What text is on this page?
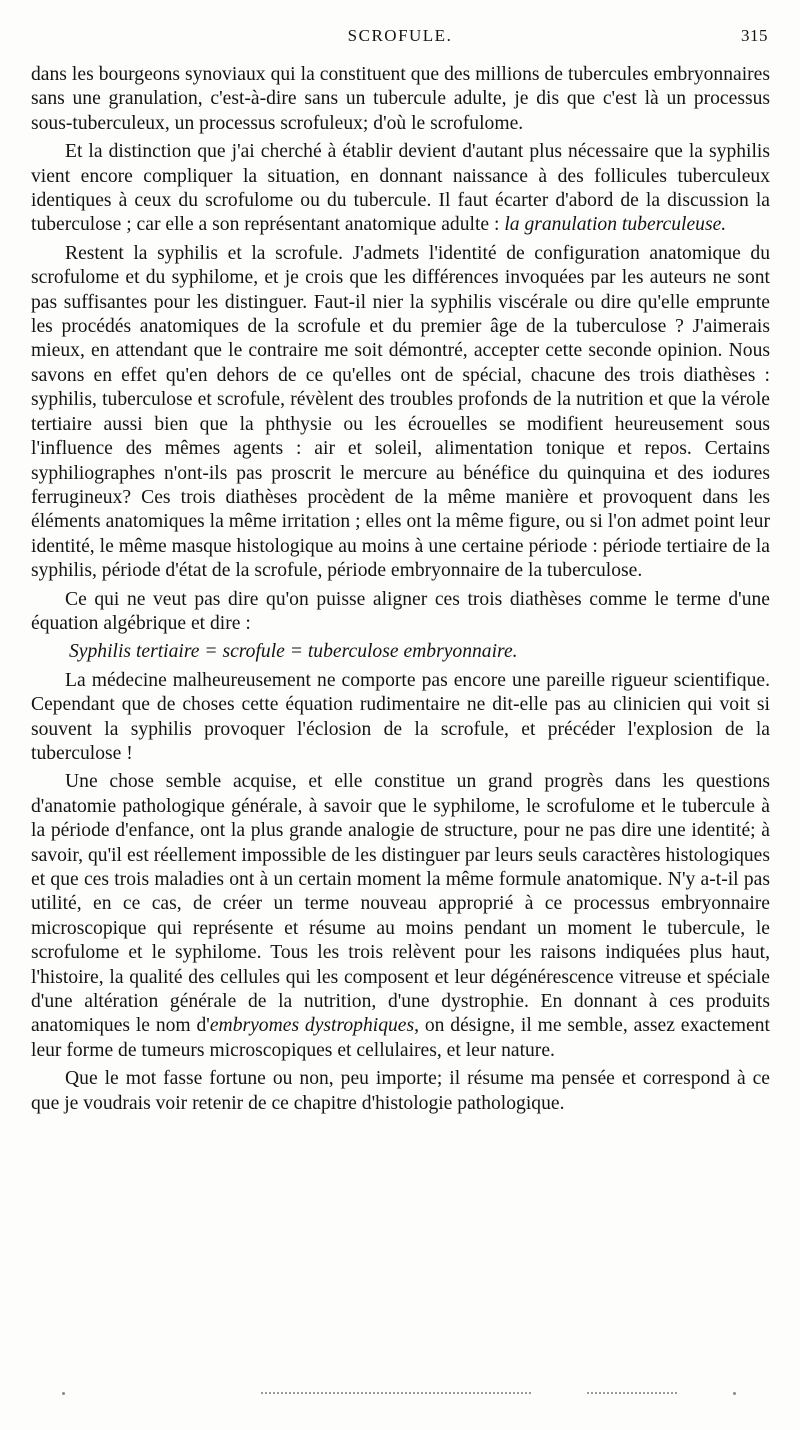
SCROFULE.	315

dans les bourgeons synoviaux qui la constituent que des millions de tubercules embryonnaires sans une granulation, c'est-à-dire sans un tubercule adulte, je dis que c'est là un processus sous-tuberculeux, un processus scrofuleux; d'où le scrofulome.

Et la distinction que j'ai cherché à établir devient d'autant plus nécessaire que la syphilis vient encore compliquer la situation, en donnant naissance à des follicules tuberculeux identiques à ceux du scrofulome ou du tubercule. Il faut écarter d'abord de la discussion la tuberculose ; car elle a son représentant anatomique adulte : la granulation tuberculeuse.

Restent la syphilis et la scrofule. J'admets l'identité de configuration anatomique du scrofulome et du syphilome, et je crois que les différences invoquées par les auteurs ne sont pas suffisantes pour les distinguer. Faut-il nier la syphilis viscérale ou dire qu'elle emprunte les procédés anatomiques de la scrofule et du premier âge de la tuberculose ? J'aimerais mieux, en attendant que le contraire me soit démontré, accepter cette seconde opinion. Nous savons en effet qu'en dehors de ce qu'elles ont de spécial, chacune des trois diathèses : syphilis, tuberculose et scrofule, révèlent des troubles profonds de la nutrition et que la vérole tertiaire aussi bien que la phthysie ou les écrouelles se modifient heureusement sous l'influence des mêmes agents : air et soleil, alimentation tonique et repos. Certains syphiliographes n'ont-ils pas proscrit le mercure au bénéfice du quinquina et des iodures ferrugineux? Ces trois diathèses procèdent de la même manière et provoquent dans les éléments anatomiques la même irritation ; elles ont la même figure, ou si l'on admet point leur identité, le même masque histologique au moins à une certaine période : période tertiaire de la syphilis, période d'état de la scrofule, période embryonnaire de la tuberculose.

Ce qui ne veut pas dire qu'on puisse aligner ces trois diathèses comme le terme d'une équation algébrique et dire :

Syphilis tertiaire = scrofule = tuberculose embryonnaire.

La médecine malheureusement ne comporte pas encore une pareille rigueur scientifique. Cependant que de choses cette équation rudimentaire ne dit-elle pas au clinicien qui voit si souvent la syphilis provoquer l'éclosion de la scrofule, et précéder l'explosion de la tuberculose !

Une chose semble acquise, et elle constitue un grand progrès dans les questions d'anatomie pathologique générale, à savoir que le syphilome, le scrofulome et le tubercule à la période d'enfance, ont la plus grande analogie de structure, pour ne pas dire une identité; à savoir, qu'il est réellement impossible de les distinguer par leurs seuls caractères histologiques et que ces trois maladies ont à un certain moment la même formule anatomique. N'y a-t-il pas utilité, en ce cas, de créer un terme nouveau approprié à ce processus embryonnaire microscopique qui représente et résume au moins pendant un moment le tubercule, le scrofulome et le syphilome. Tous les trois relèvent pour les raisons indiquées plus haut, l'histoire, la qualité des cellules qui les composent et leur dégénérescence vitreuse et spéciale d'une altération générale de la nutrition, d'une dystrophie. En donnant à ces produits anatomiques le nom d'embryomes dystrophiques, on désigne, il me semble, assez exactement leur forme de tumeurs microscopiques et cellulaires, et leur nature.

Que le mot fasse fortune ou non, peu importe; il résume ma pensée et correspond à ce que je voudrais voir retenir de ce chapitre d'histologie pathologique.
